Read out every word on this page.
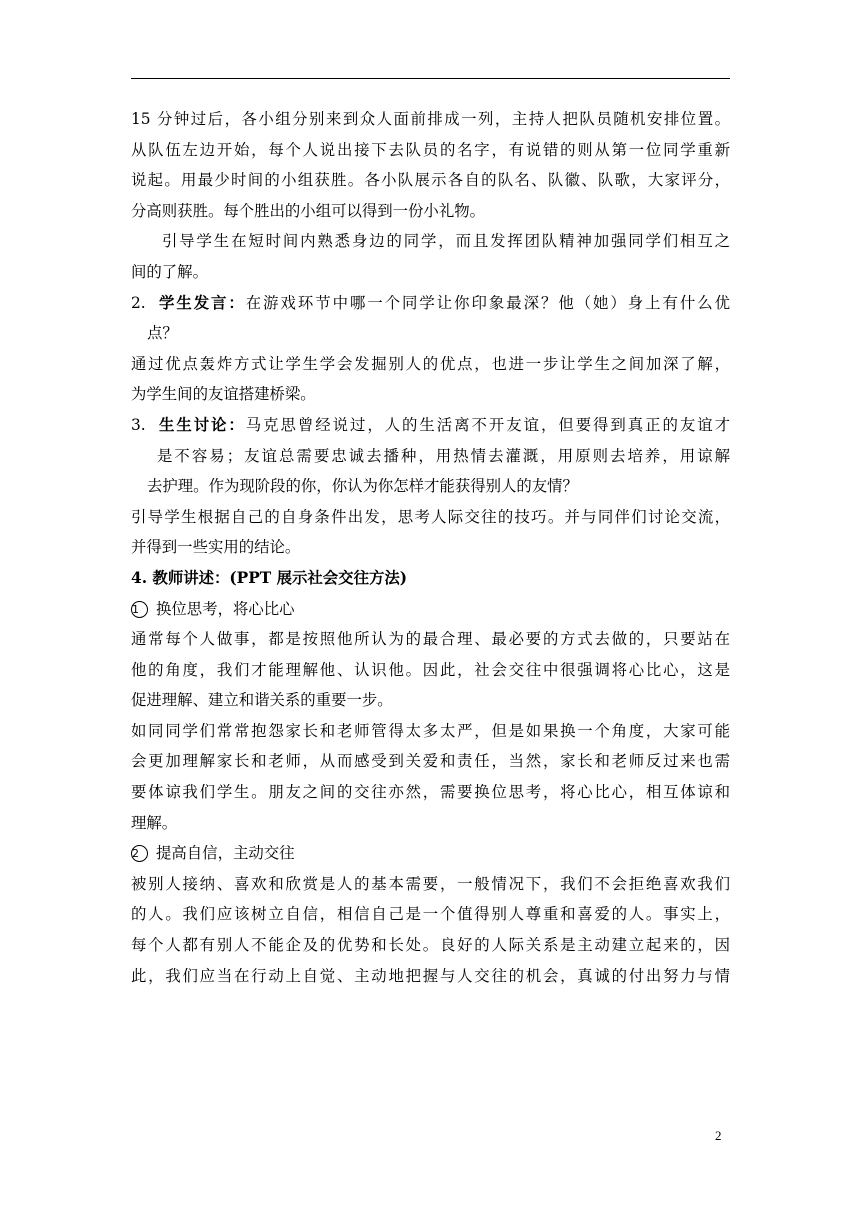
15 分钟过后，各小组分别来到众人面前排成一列，主持人把队员随机安排位置。
从队伍左边开始，每个人说出接下去队员的名字，有说错的则从第一位同学重新
说起。用最少时间的小组获胜。各小队展示各自的队名、队徽、队歌，大家评分，
分高则获胜。每个胜出的小组可以得到一份小礼物。
引导学生在短时间内熟悉身边的同学，而且发挥团队精神加强同学们相互之
间的了解。
2. 学生发言：在游戏环节中哪一个同学让你印象最深？他（她）身上有什么优
点？
通过优点轰炸方式让学生学会发掘别人的优点，也进一步让学生之间加深了解，
为学生间的友谊搭建桥梁。
3. 生生讨论：马克思曾经说过，人的生活离不开友谊，但要得到真正的友谊才
是不容易；友谊总需要忠诚去播种，用热情去灌溉，用原则去培养，用谅解
去护理。作为现阶段的你，你认为你怎样才能获得别人的友情？
引导学生根据自己的自身条件出发，思考人际交往的技巧。并与同伴们讨论交流，
并得到一些实用的结论。
4. 教师讲述：(PPT 展示社会交往方法)
1 换位思考，将心比心
通常每个人做事，都是按照他所认为的最合理、最必要的方式去做的，只要站在
他的角度，我们才能理解他、认识他。因此，社会交往中很强调将心比心，这是
促进理解、建立和谐关系的重要一步。
如同同学们常常抱怨家长和老师管得太多太严，但是如果换一个角度，大家可能
会更加理解家长和老师，从而感受到关爱和责任，当然，家长和老师反过来也需
要体谅我们学生。朋友之间的交往亦然，需要换位思考，将心比心，相互体谅和
理解。
2 提高自信，主动交往
被别人接纳、喜欢和欣赏是人的基本需要，一般情况下，我们不会拒绝喜欢我们
的人。我们应该树立自信，相信自己是一个值得别人尊重和喜爱的人。事实上，
每个人都有别人不能企及的优势和长处。良好的人际关系是主动建立起来的，因
此，我们应当在行动上自觉、主动地把握与人交往的机会，真诚的付出努力与情
2
